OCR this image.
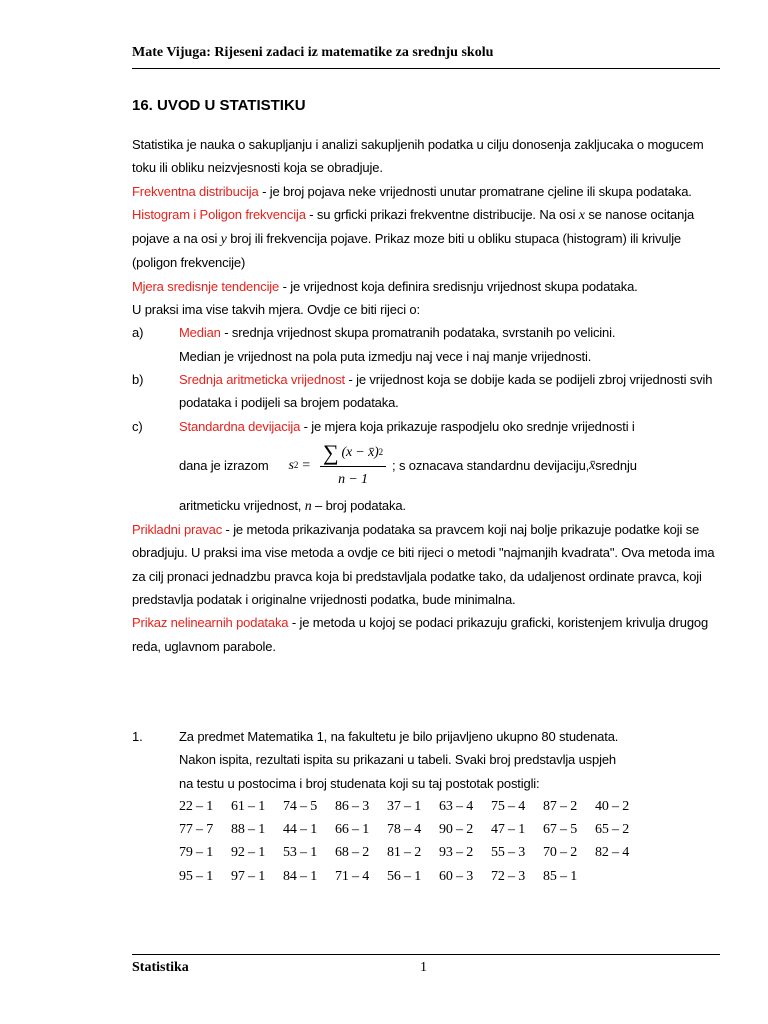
Mate Vijuga: Rijeseni zadaci iz matematike za srednju skolu
16. UVOD U STATISTIKU

Statistika je nauka o sakupljanju i analizi sakupljenih podatka u cilju donosenja zakljucaka o mogucem toku ili obliku neizvjesnosti koja se obradjuje.

Frekventna distribucija - je broj pojava neke vrijednosti unutar promatrane cjeline ili skupa podataka.

Histogram i Poligon frekvencija - su grficki prikazi frekventne distribucije. Na osi x se nanose ocitanja pojave a na osi y broj ili frekvencija pojave. Prikaz moze biti u obliku stupaca (histogram) ili krivulje (poligon frekvencije)

Mjera sredisnje tendencije - je vrijednost koja definira sredisnju vrijednost skupa podataka.

U praksi ima vise takvih mjera. Ovdje ce biti rijeci o:

a)	Median - srednja vrijednost skupa promatranih podataka, svrstanih po velicini.
Median je vrijednost na pola puta izmedju naj vece i naj manje vrijednosti.
b)	Srednja aritmeticka vrijednost - je vrijednost koja se dobije kada se podijeli zbroj vrijednosti svih podataka i podijeli sa brojem podataka.
c)	Standardna devijacija - je mjera koja prikazuje raspodjelu oko srednje vrijednosti i
dana je izrazom s $2 = \frac{\sum (x - x̄) 2}{n - 1}$ ; s oznacava standardnu devijaciju, x̄ srednju
aritmeticku vrijednost, n – broj podataka.

Prikladni pravac - je metoda prikazivanja podataka sa pravcem koji naj bolje prikazuje podatke koji se obradjuju. U praksi ima vise metoda a ovdje ce biti rijeci o metodi "najmanjih kvadrata". Ova metoda ima za cilj pronaci jednadzbu pravca koja bi predstavljala podatke tako, da udaljenost ordinate pravca, koji predstavlja podatak i originalne vrijednosti podatka, bude minimalna.

Prikaz nelinearnih podataka - je metoda u kojoj se podaci prikazuju graficki, koristenjem krivulja drugog reda, uglavnom parabole.

1.	Za predmet Matematika 1, na fakultetu je bilo prijavljeno ukupno 80 studenata.
Nakon ispita, rezultati ispita su prikazani u tabeli. Svaki broj predstavlja uspjeh
na testu u postocima i broj studenata koji su taj postotak postigli:
22 – 1	61 – 1	74 – 5	86 – 3	37 – 1	63 – 4	75 – 4	87 – 2	40 – 2
77 – 7	88 – 1	44 – 1	66 – 1	78 – 4	90 – 2	47 – 1	67 – 5	65 – 2
79 – 1	92 – 1	53 – 1	68 – 2	81 – 2	93 – 2	55 – 3	70 – 2	82 – 4
95 – 1	97 – 1	84 – 1	71 – 4	56 – 1	60 – 3	72 – 3	85 – 1
Statistika	1
